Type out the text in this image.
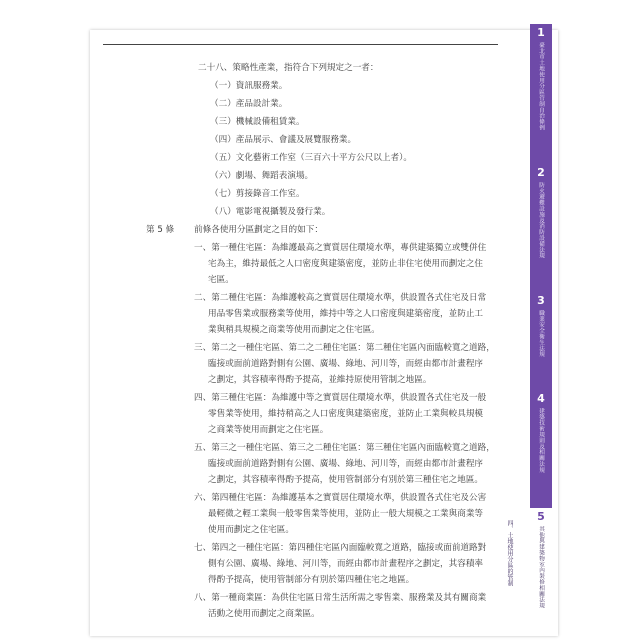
二十八、策略性產業，指符合下列規定之一者：
（一）資訊服務業。
（二）產品設計業。
（三）機械設備租賃業。
（四）產品展示、會議及展覽服務業。
（五）文化藝術工作室（三百六十平方公尺以上者）。
（六）劇場、舞蹈表演場。
（七）剪接錄音工作室。
（八）電影電視攝製及發行業。
第 5 條 前條各使用分區劃定之目的如下：
一、第一種住宅區：為維護最高之實質居住環境水準，專供建築獨立或雙併住
宅為主，維持最低之人口密度與建築密度，並防止非住宅使用而劃定之住
宅區。
二、第二種住宅區：為維護較高之實質居住環境水準，供設置各式住宅及日常
用品零售業或服務業等使用，維持中等之人口密度與建築密度，並防止工
業與稍具規模之商業等使用而劃定之住宅區。
三、第二之一種住宅區、第二之二種住宅區：第二種住宅區內面臨較寬之道路，
臨接或面前道路對側有公園、廣場、綠地、河川等，而經由都市計畫程序
之劃定，其容積率得酌予提高，並維持原使用管制之地區。
四、第三種住宅區：為維護中等之實質居住環境水準，供設置各式住宅及一般
零售業等使用，維持稍高之人口密度與建築密度，並防止工業與較具規模
之商業等使用而劃定之住宅區。
五、第三之一種住宅區、第三之二種住宅區：第三種住宅區內面臨較寬之道路，
臨接或面前道路對側有公園、廣場、綠地、河川等，而經由都市計畫程序
之劃定，其容積率得酌予提高，使用管制部分有別於第三種住宅之地區。
六、第四種住宅區：為維護基本之實質居住環境水準，供設置各式住宅及公害
最輕微之輕工業與一般零售業等使用，並防止一般大規模之工業與商業等
使用而劃定之住宅區。
七、第四之一種住宅區：第四種住宅區內面臨較寬之道路，臨接或面前道路對
側有公園、廣場、綠地、河川等，而經由都市計畫程序之劃定，其容積率
得酌予提高，使用管制部分有別於第四種住宅之地區。
八、第一種商業區：為供住宅區日常生活所需之零售業、服務業及其有關商業
活動之使用而劃定之商業區。
1
臺北市土地使用分區管制自治條例
2
防火避難設施及消防設備法規
3
職業安全衛生法規
4
建築技術規則及相關法規
5
其他與建築物室內裝修相關法規
四、土地使用分區的管制
381
